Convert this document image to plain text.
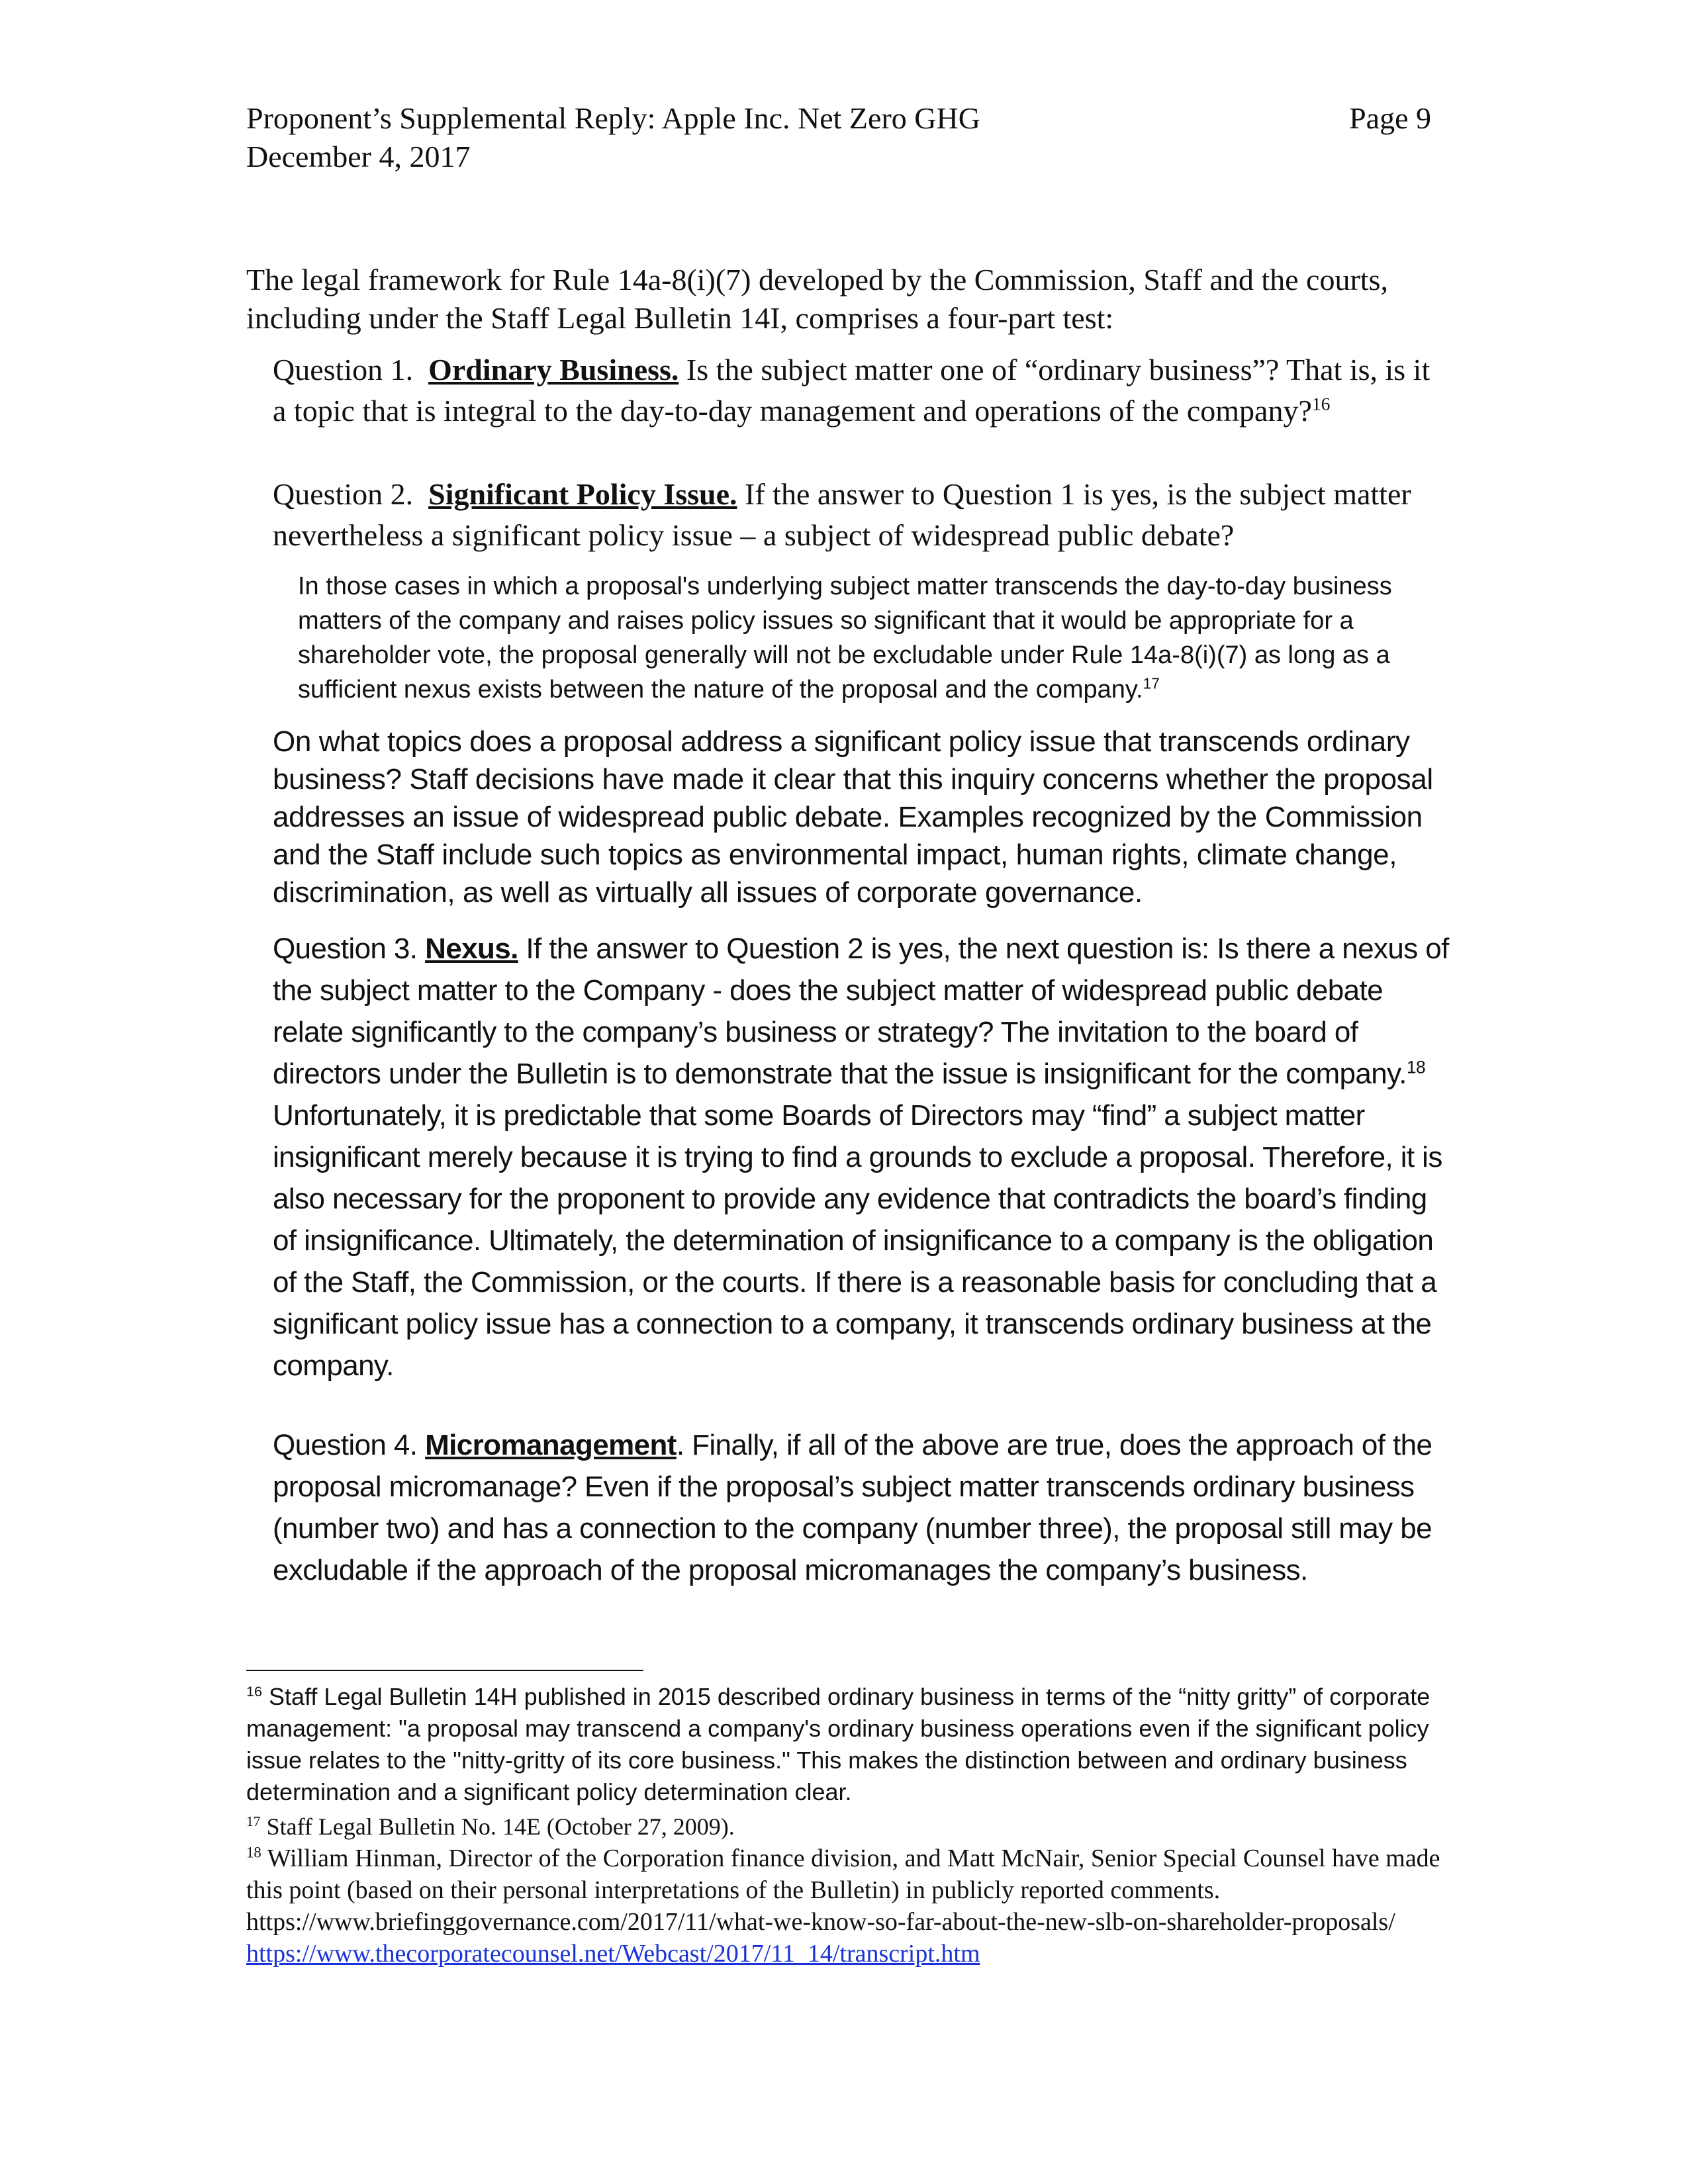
Proponent’s Supplemental Reply: Apple Inc. Net Zero GHG
December 4, 2017
Page 9

The legal framework for Rule 14a-8(i)(7) developed by the Commission, Staff and the courts, including under the Staff Legal Bulletin 14I, comprises a four-part test:

Question 1. Ordinary Business. Is the subject matter one of “ordinary business”? That is, is it a topic that is integral to the day-to-day management and operations of the company?$^{16}$

Question 2. Significant Policy Issue. If the answer to Question 1 is yes, is the subject matter nevertheless a significant policy issue – a subject of widespread public debate?

In those cases in which a proposal's underlying subject matter transcends the day-to-day business matters of the company and raises policy issues so significant that it would be appropriate for a shareholder vote, the proposal generally will not be excludable under Rule 14a-8(i)(7) as long as a sufficient nexus exists between the nature of the proposal and the company.$^{17}$

On what topics does a proposal address a significant policy issue that transcends ordinary business? Staff decisions have made it clear that this inquiry concerns whether the proposal addresses an issue of widespread public debate. Examples recognized by the Commission and the Staff include such topics as environmental impact, human rights, climate change, discrimination, as well as virtually all issues of corporate governance.

Question 3. Nexus. If the answer to Question 2 is yes, the next question is: Is there a nexus of the subject matter to the Company - does the subject matter of widespread public debate relate significantly to the company’s business or strategy? The invitation to the board of directors under the Bulletin is to demonstrate that the issue is insignificant for the company.$^{18}$ Unfortunately, it is predictable that some Boards of Directors may “find” a subject matter insignificant merely because it is trying to find a grounds to exclude a proposal. Therefore, it is also necessary for the proponent to provide any evidence that contradicts the board’s finding of insignificance. Ultimately, the determination of insignificance to a company is the obligation of the Staff, the Commission, or the courts. If there is a reasonable basis for concluding that a significant policy issue has a connection to a company, it transcends ordinary business at the company.

Question 4. Micromanagement. Finally, if all of the above are true, does the approach of the proposal micromanage? Even if the proposal’s subject matter transcends ordinary business (number two) and has a connection to the company (number three), the proposal still may be excludable if the approach of the proposal micromanages the company’s business.

$^{16}$ Staff Legal Bulletin 14H published in 2015 described ordinary business in terms of the “nitty gritty” of corporate management: "a proposal may transcend a company's ordinary business operations even if the significant policy issue relates to the "nitty-gritty of its core business." This makes the distinction between and ordinary business determination and a significant policy determination clear.

$^{17}$ Staff Legal Bulletin No. 14E (October 27, 2009).

$^{18}$ William Hinman, Director of the Corporation finance division, and Matt McNair, Senior Special Counsel have made this point (based on their personal interpretations of the Bulletin) in publicly reported comments. https://www.briefinggovernance.com/2017/11/what-we-know-so-far-about-the-new-slb-on-shareholder-proposals/ https://www.thecorporatecounsel.net/Webcast/2017/11_14/transcript.htm
